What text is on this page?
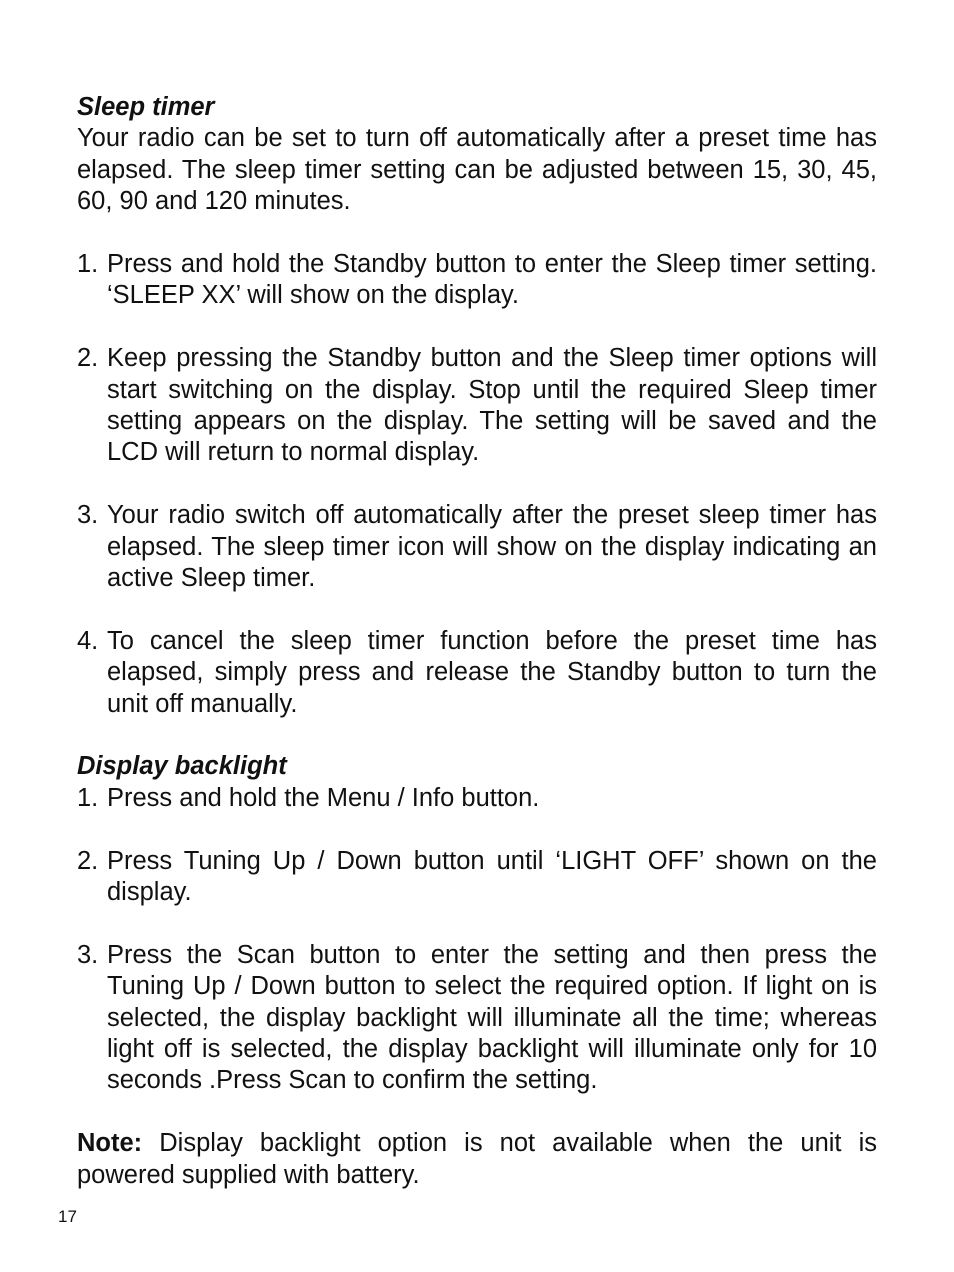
Sleep timer

Your radio can be set to turn off automatically after a preset time has elapsed. The sleep timer setting can be adjusted between 15, 30, 45, 60, 90 and 120 minutes.

1. Press and hold the Standby button to enter the Sleep timer setting. ‘SLEEP XX’ will show on the display.
2. Keep pressing the Standby button and the Sleep timer options will start switching on the display. Stop until the required Sleep timer setting appears on the display. The setting will be saved and the LCD will return to normal display.
3. Your radio switch off automatically after the preset sleep timer has elapsed. The sleep timer icon will show on the display indicating an active Sleep timer.
4. To cancel the sleep timer function before the preset time has elapsed, simply press and release the Standby button to turn the unit off manually.

Display backlight

1. Press and hold the Menu / Info button.
2. Press Tuning Up / Down button until ‘LIGHT OFF’ shown on the display.
3. Press the Scan button to enter the setting and then press the Tuning Up / Down button to select the required option. If light on is selected, the display backlight will illuminate all the time; whereas light off is selected, the display backlight will illuminate only for 10 seconds .Press Scan to confirm the setting.

Note: Display backlight option is not available when the unit is powered supplied with battery.

17
